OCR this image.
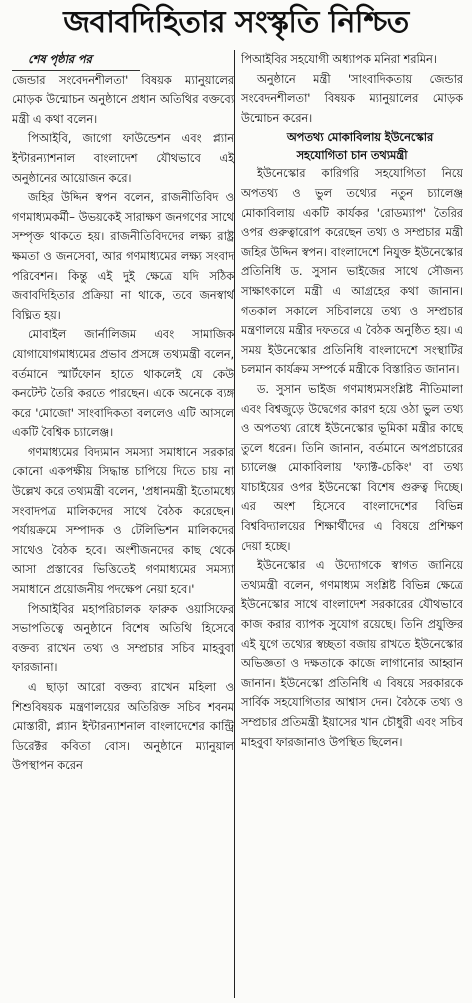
জবাবদিহিতার সংস্কৃতি নিশ্চিত

শেষ পৃষ্ঠার পর

জেন্ডার সংবেদনশীলতা' বিষয়ক ম্যানুয়ালের মোড়ক উন্মোচন অনুষ্ঠানে প্রধান অতিথির বক্তব্যে মন্ত্রী এ কথা বলেন।

পিআইবি, জাগো ফাউন্ডেশন এবং প্ল্যান ইন্টারন্যাশনাল বাংলাদেশ যৌথভাবে এই অনুষ্ঠানের আয়োজন করে।

জহির উদ্দিন স্বপন বলেন, রাজনীতিবিদ ও গণমাধ্যমকর্মী– উভয়কেই সারাক্ষণ জনগণের সাথে সম্পৃক্ত থাকতে হয়। রাজনীতিবিদদের লক্ষ্য রাষ্ট্র ক্ষমতা ও জনসেবা, আর গণমাধ্যমের লক্ষ্য সংবাদ পরিবেশন। কিন্তু এই দুই ক্ষেত্রে যদি সঠিক জবাবদিহিতার প্রক্রিয়া না থাকে, তবে জনস্বার্থ বিঘ্নিত হয়।

মোবাইল জার্নালিজম এবং সামাজিক যোগাযোগমাধ্যমের প্রভাব প্রসঙ্গে তথ্যমন্ত্রী বলেন, বর্তমানে স্মার্টফোন হাতে থাকলেই যে কেউ কনটেন্ট তৈরি করতে পারছেন। একে অনেকে ব্যঙ্গ করে 'মোজো' সাংবাদিকতা বললেও এটি আসলে একটি বৈশ্বিক চ্যালেঞ্জ।

গণমাধ্যমের বিদ্যমান সমস্যা সমাধানে সরকার কোনো একপক্ষীয় সিদ্ধান্ত চাপিয়ে দিতে চায় না উল্লেখ করে তথ্যমন্ত্রী বলেন, 'প্রধানমন্ত্রী ইতোমধ্যে সংবাদপত্র মালিকদের সাথে বৈঠক করেছেন। পর্যায়ক্রমে সম্পাদক ও টেলিভিশন মালিকদের সাথেও বৈঠক হবে। অংশীজনদের কাছ থেকে আসা প্রস্তাবের ভিত্তিতেই গণমাধ্যমের সমস্যা সমাধানে প্রয়োজনীয় পদক্ষেপ নেয়া হবে।'

পিআইবির মহাপরিচালক ফারুক ওয়াসিফের সভাপতিত্বে অনুষ্ঠানে বিশেষ অতিথি হিসেবে বক্তব্য রাখেন তথ্য ও সম্প্রচার সচিব মাহবুবা ফারজানা।

এ ছাড়া আরো বক্তব্য রাখেন মহিলা ও শিশুবিষয়ক মন্ত্রণালয়ের অতিরিক্ত সচিব শবনম মোস্তারী, প্ল্যান ইন্টারন্যাশনাল বাংলাদেশের কান্ট্রি ডিরেক্টর কবিতা বোস। অনুষ্ঠানে ম্যানুয়াল উপস্থাপন করেন

পিআইবির সহযোগী অধ্যাপক মনিরা শরমিন।

অনুষ্ঠানে মন্ত্রী 'সাংবাদিকতায় জেন্ডার সংবেদনশীলতা' বিষয়ক ম্যানুয়ালের মোড়ক উন্মোচন করেন।

অপতথ্য মোকাবিলায় ইউনেস্কোর
সহযোগিতা চান তথ্যমন্ত্রী

ইউনেস্কোর কারিগরি সহযোগিতা নিয়ে অপতথ্য ও ভুল তথ্যের নতুন চ্যালেঞ্জ মোকাবিলায় একটি কার্যকর 'রোডম্যাপ' তৈরির ওপর গুরুত্বারোপ করেছেন তথ্য ও সম্প্রচার মন্ত্রী জহির উদ্দিন স্বপন। বাংলাদেশে নিযুক্ত ইউনেস্কোর প্রতিনিধি ড. সুসান ভাইজের সাথে সৌজন্য সাক্ষাৎকালে মন্ত্রী এ আগ্রহের কথা জানান। গতকাল সকালে সচিবালয়ে তথ্য ও সম্প্রচার মন্ত্রণালয়ে মন্ত্রীর দফতরে এ বৈঠক অনুষ্ঠিত হয়। এ সময় ইউনেস্কোর প্রতিনিধি বাংলাদেশে সংস্থাটির চলমান কার্যক্রম সম্পর্কে মন্ত্রীকে বিস্তারিত জানান।

ড. সুসান ভাইজ গণমাধ্যমসংশ্লিষ্ট নীতিমালা এবং বিশ্বজুড়ে উদ্বেগের কারণ হয়ে ওঠা ভুল তথ্য ও অপতথ্য রোধে ইউনেস্কোর ভূমিকা মন্ত্রীর কাছে তুলে ধরেন। তিনি জানান, বর্তমানে অপপ্রচারের চ্যালেঞ্জ মোকাবিলায় 'ফ্যাক্ট-চেকিং' বা তথ্য যাচাইয়ের ওপর ইউনেস্কো বিশেষ গুরুত্ব দিচ্ছে। এর অংশ হিসেবে বাংলাদেশের বিভিন্ন বিশ্ববিদ্যালয়ের শিক্ষার্থীদের এ বিষয়ে প্রশিক্ষণ দেয়া হচ্ছে।

ইউনেস্কোর এ উদ্যোগকে স্বাগত জানিয়ে তথ্যমন্ত্রী বলেন, গণমাধ্যম সংশ্লিষ্ট বিভিন্ন ক্ষেত্রে ইউনেস্কোর সাথে বাংলাদেশ সরকারের যৌথভাবে কাজ করার ব্যাপক সুযোগ রয়েছে। তিনি প্রযুক্তির এই যুগে তথ্যের স্বচ্ছতা বজায় রাখতে ইউনেস্কোর অভিজ্ঞতা ও দক্ষতাকে কাজে লাগানোর আহ্বান জানান। ইউনেস্কো প্রতিনিধি এ বিষয়ে সরকারকে সার্বিক সহযোগিতার আশ্বাস দেন। বৈঠকে তথ্য ও সম্প্রচার প্রতিমন্ত্রী ইয়াসের খান চৌধুরী এবং সচিব মাহবুবা ফারজানাও উপস্থিত ছিলেন।
